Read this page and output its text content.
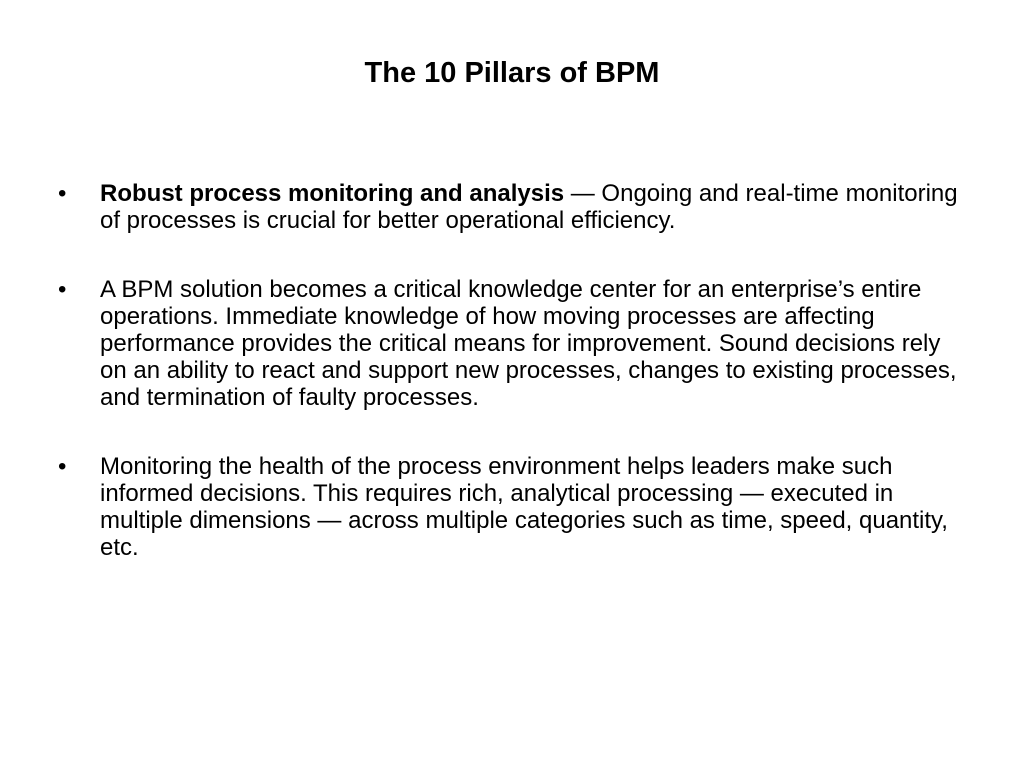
The 10 Pillars of BPM
•	Robust process monitoring and analysis — Ongoing and real-time monitoring of processes is crucial for better operational efficiency.
•	A BPM solution becomes a critical knowledge center for an enterprise’s entire operations. Immediate knowledge of how moving processes are affecting performance provides the critical means for improvement. Sound decisions rely on an ability to react and support new processes, changes to existing processes, and termination of faulty processes.
•	Monitoring the health of the process environment helps leaders make such informed decisions. This requires rich, analytical processing — executed in multiple dimensions — across multiple categories such as time, speed, quantity, etc.
